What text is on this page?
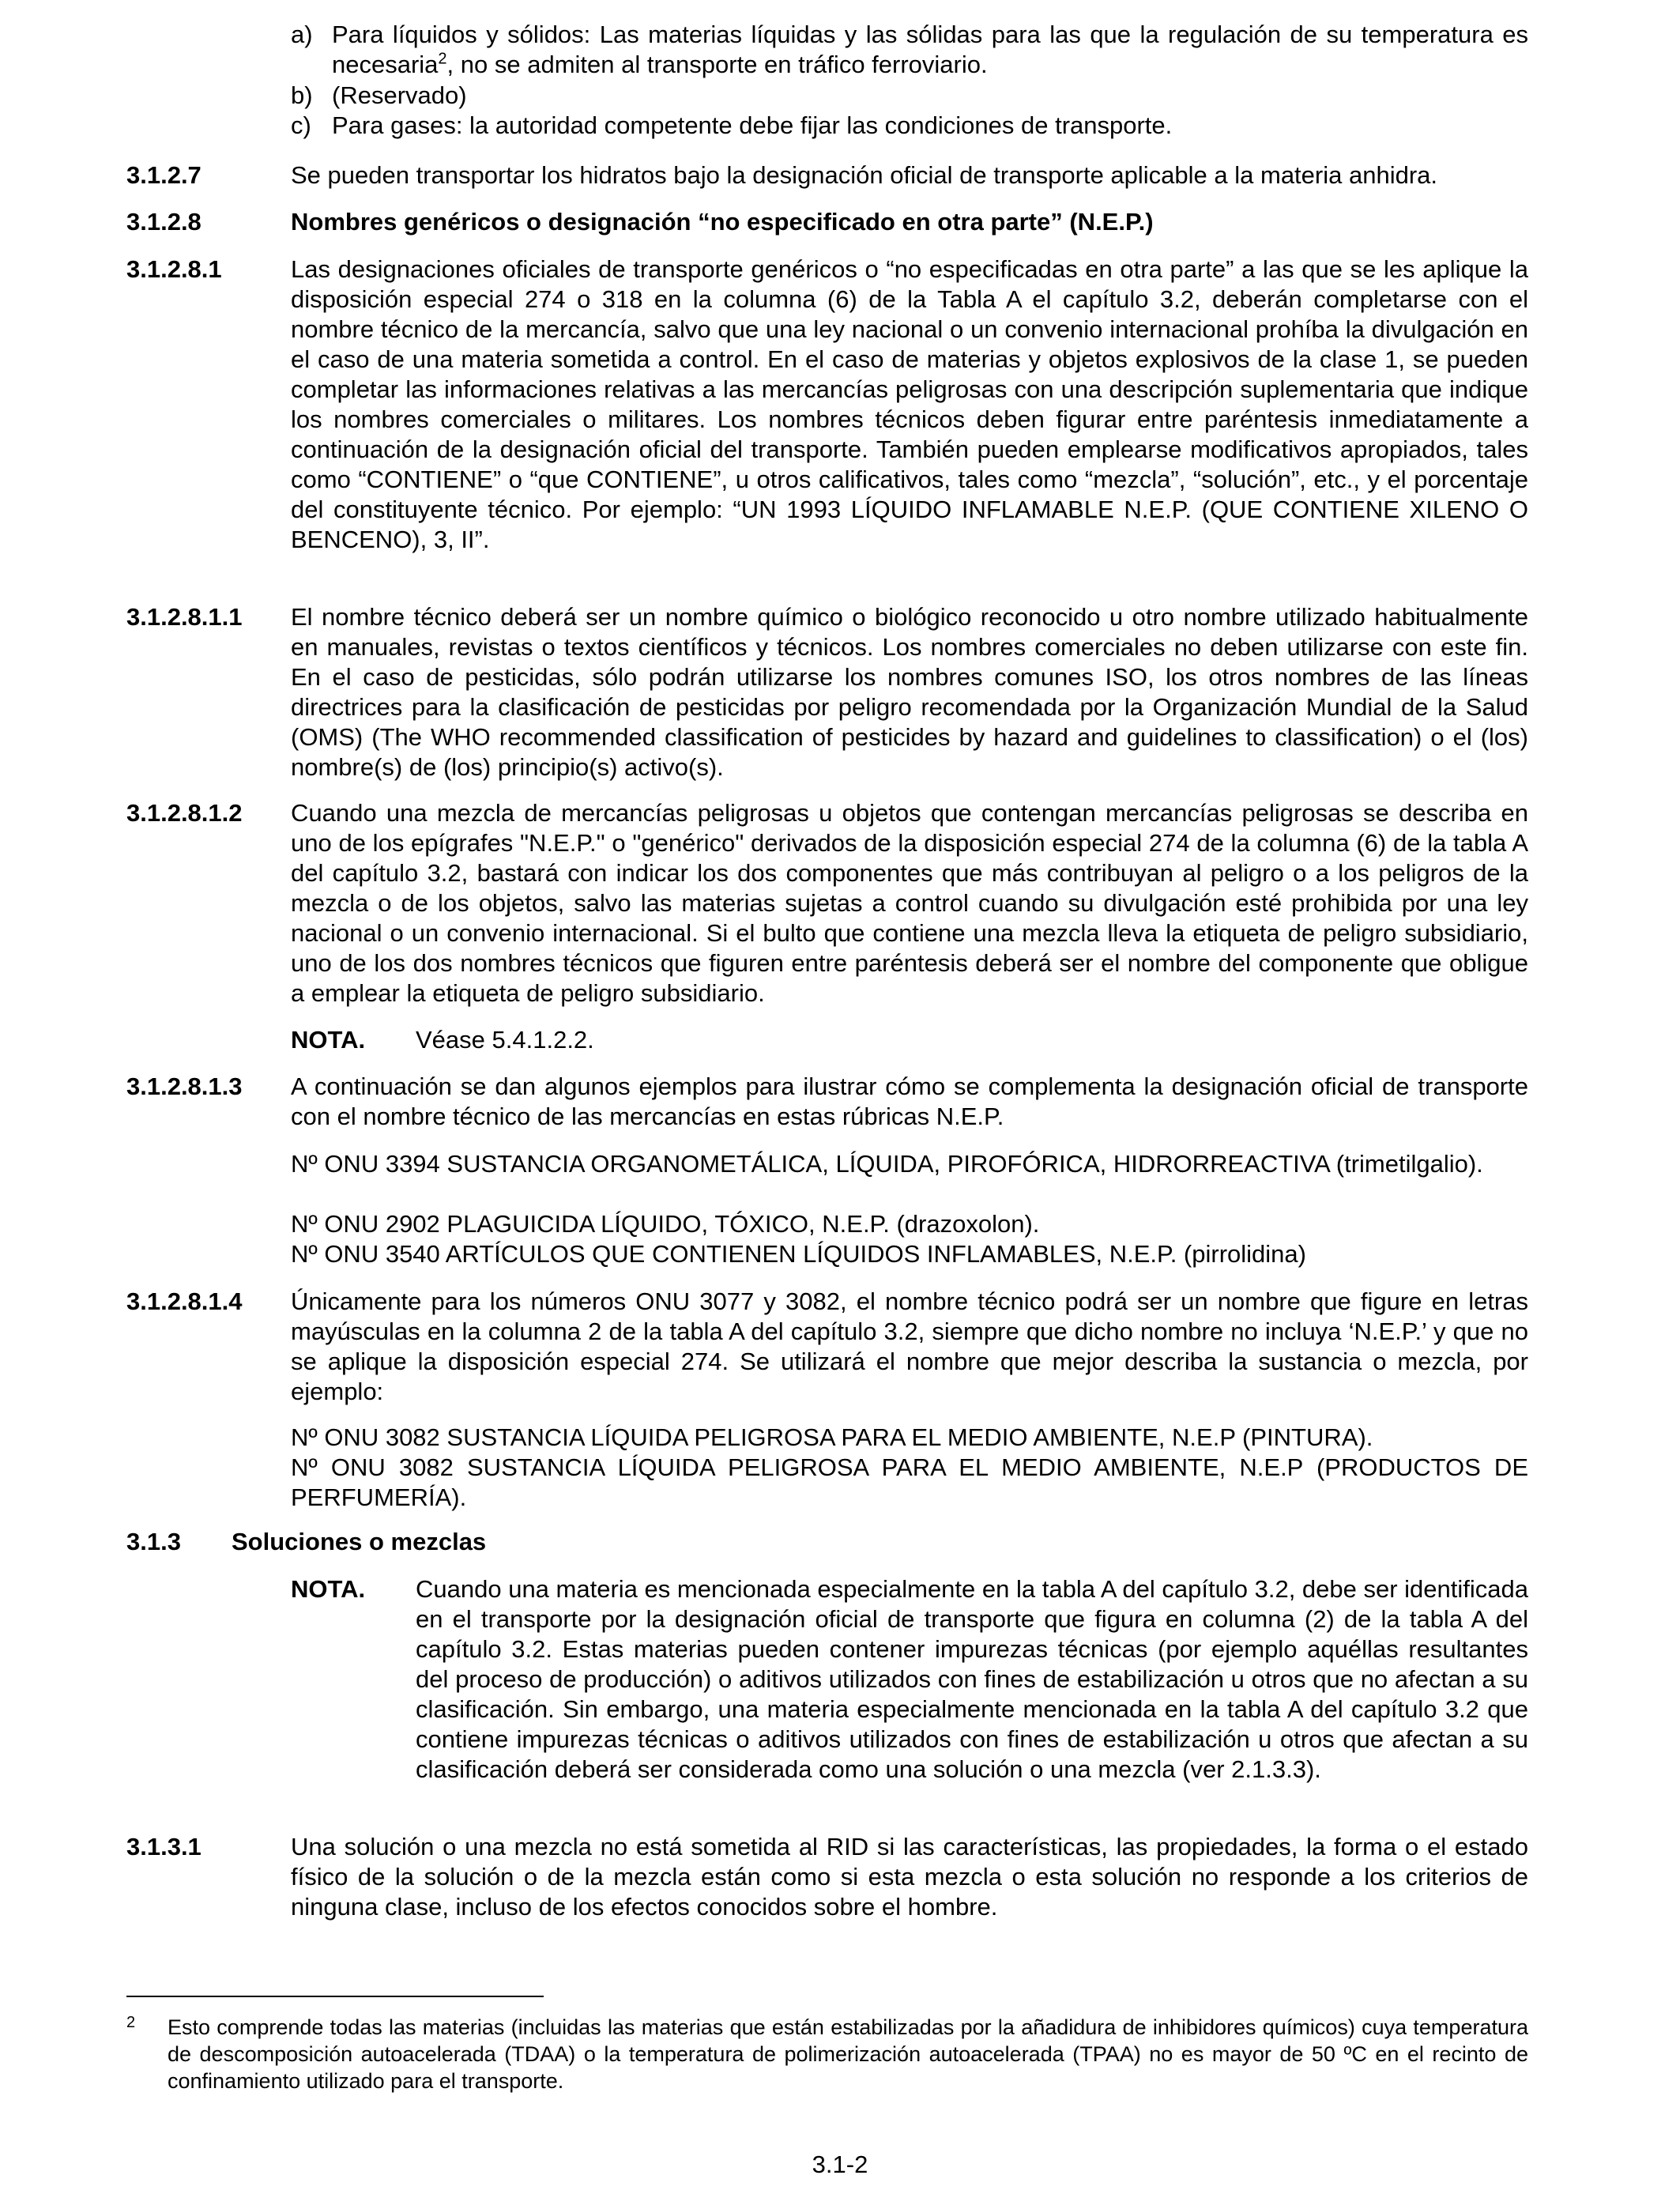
a) Para líquidos y sólidos: Las materias líquidas y las sólidas para las que la regulación de su temperatura es necesaria$^2$, no se admiten al transporte en tráfico ferroviario.

b) (Reservado)

c) Para gases: la autoridad competente debe fijar las condiciones de transporte.

3.1.2.7	Se pueden transportar los hidratos bajo la designación oficial de transporte aplicable a la materia anhidra.

3.1.2.8	Nombres genéricos o designación “no especificado en otra parte” (N.E.P.)

3.1.2.8.1	Las designaciones oficiales de transporte genéricos o “no especificadas en otra parte” a las que se les aplique la disposición especial 274 o 318 en la columna (6) de la Tabla A el capítulo 3.2, deberán completarse con el nombre técnico de la mercancía, salvo que una ley nacional o un convenio internacional prohíba la divulgación en el caso de una materia sometida a control. En el caso de materias y objetos explosivos de la clase 1, se pueden completar las informaciones relativas a las mercancías peligrosas con una descripción suplementaria que indique los nombres comerciales o militares. Los nombres técnicos deben figurar entre paréntesis inmediatamente a continuación de la designación oficial del transporte. También pueden emplearse modificativos apropiados, tales como “CONTIENE” o “que CONTIENE”, u otros calificativos, tales como “mezcla”, “solución”, etc., y el porcentaje del constituyente técnico. Por ejemplo: “UN 1993 LÍQUIDO INFLAMABLE N.E.P. (QUE CONTIENE XILENO O BENCENO), 3, II”.

3.1.2.8.1.1 El nombre técnico deberá ser un nombre químico o biológico reconocido u otro nombre utilizado habitualmente en manuales, revistas o textos científicos y técnicos. Los nombres comerciales no deben utilizarse con este fin. En el caso de pesticidas, sólo podrán utilizarse los nombres comunes ISO, los otros nombres de las líneas directrices para la clasificación de pesticidas por peligro recomendada por la Organización Mundial de la Salud (OMS) (The WHO recommended classification of pesticides by hazard and guidelines to classification) o el (los) nombre(s) de (los) principio(s) activo(s).

3.1.2.8.1.2 Cuando una mezcla de mercancías peligrosas u objetos que contengan mercancías peligrosas se describa en uno de los epígrafes "N.E.P." o "genérico" derivados de la disposición especial 274 de la columna (6) de la tabla A del capítulo 3.2, bastará con indicar los dos componentes que más contribuyan al peligro o a los peligros de la mezcla o de los objetos, salvo las materias sujetas a control cuando su divulgación esté prohibida por una ley nacional o un convenio internacional. Si el bulto que contiene una mezcla lleva la etiqueta de peligro subsidiario, uno de los dos nombres técnicos que figuren entre paréntesis deberá ser el nombre del componente que obligue a emplear la etiqueta de peligro subsidiario.

NOTA. Véase 5.4.1.2.2.

3.1.2.8.1.3 A continuación se dan algunos ejemplos para ilustrar cómo se complementa la designación oficial de transporte con el nombre técnico de las mercancías en estas rúbricas N.E.P.

Nº ONU 3394 SUSTANCIA ORGANOMETÁLICA, LÍQUIDA, PIROFÓRICA, HIDRORREACTIVA (trimetilgalio).

Nº ONU 2902 PLAGUICIDA LÍQUIDO, TÓXICO, N.E.P. (drazoxolon).

Nº ONU 3540 ARTÍCULOS QUE CONTIENEN LÍQUIDOS INFLAMABLES, N.E.P. (pirrolidina)

3.1.2.8.1.4 Únicamente para los números ONU 3077 y 3082, el nombre técnico podrá ser un nombre que figure en letras mayúsculas en la columna 2 de la tabla A del capítulo 3.2, siempre que dicho nombre no incluya ‘N.E.P.’ y que no se aplique la disposición especial 274. Se utilizará el nombre que mejor describa la sustancia o mezcla, por ejemplo:

Nº ONU 3082 SUSTANCIA LÍQUIDA PELIGROSA PARA EL MEDIO AMBIENTE, N.E.P (PINTURA).

Nº ONU 3082 SUSTANCIA LÍQUIDA PELIGROSA PARA EL MEDIO AMBIENTE, N.E.P (PRODUCTOS DE PERFUMERÍA).

3.1.3 Soluciones o mezclas
NOTA. Cuando una materia es mencionada especialmente en la tabla A del capítulo 3.2, debe ser identificada en el transporte por la designación oficial de transporte que figura en columna (2) de la tabla A del capítulo 3.2. Estas materias pueden contener impurezas técnicas (por ejemplo aquéllas resultantes del proceso de producción) o aditivos utilizados con fines de estabilización u otros que no afectan a su clasificación. Sin embargo, una materia especialmente mencionada en la tabla A del capítulo 3.2 que contiene impurezas técnicas o aditivos utilizados con fines de estabilización u otros que afectan a su clasificación deberá ser considerada como una solución o una mezcla (ver 2.1.3.3).

3.1.3.1	Una solución o una mezcla no está sometida al RID si las características, las propiedades, la forma o el estado físico de la solución o de la mezcla están como si esta mezcla o esta solución no responde a los criterios de ninguna clase, incluso de los efectos conocidos sobre el hombre.

2 Esto comprende todas las materias (incluidas las materias que están estabilizadas por la añadidura de inhibidores químicos) cuya temperatura de descomposición autoacelerada (TDAA) o la temperatura de polimerización autoacelerada (TPAA) no es mayor de 50 ºC en el recinto de confinamiento utilizado para el transporte.

3.1-2
